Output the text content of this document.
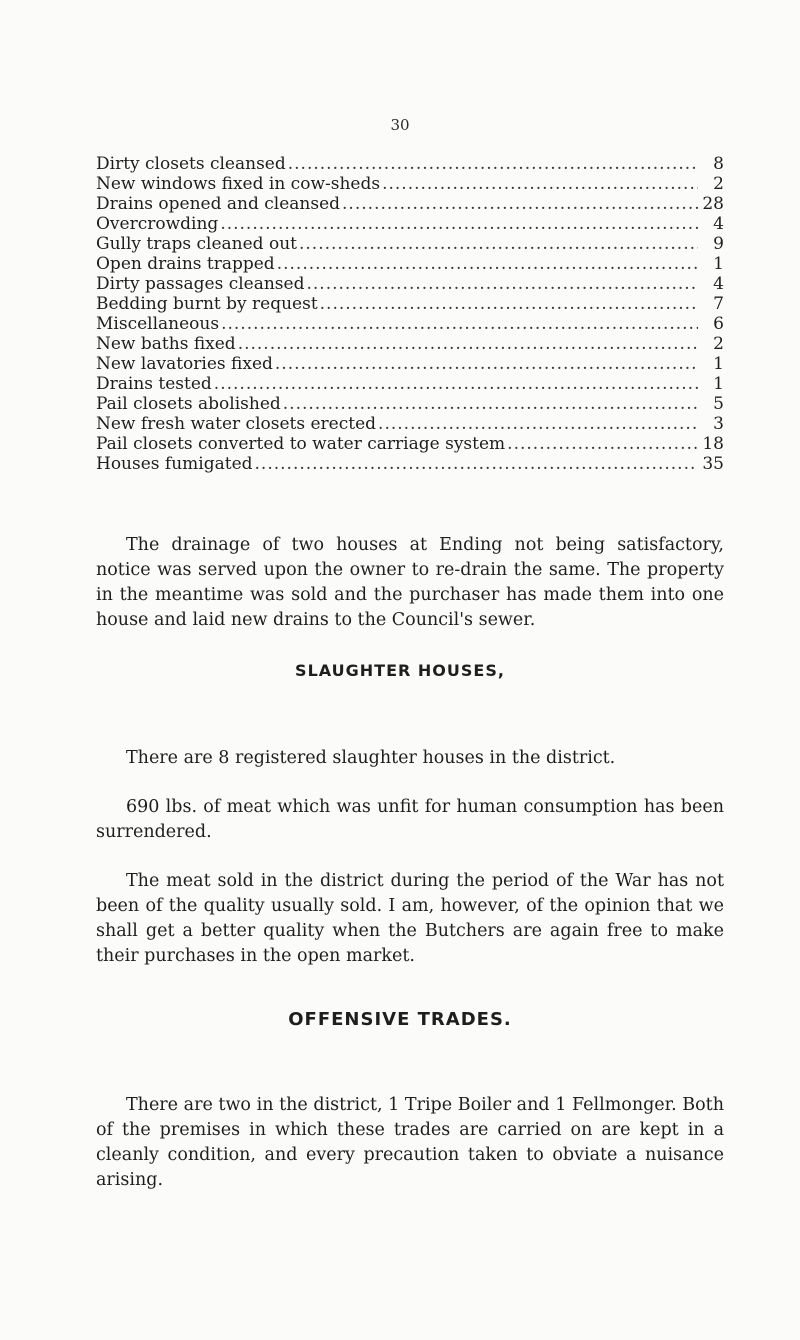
30
Dirty closets cleansed .....	8
New windows fixed in cow-sheds .....	2
Drains opened and cleansed .....	28
Overcrowding .....	4
Gully traps cleaned out .....	9
Open drains trapped .....	1
Dirty passages cleansed .....	4
Bedding burnt by request .....	7
Miscellaneous .....	6
New baths fixed .....	2
New lavatories fixed .....	1
Drains tested .....	1
Pail closets abolished .....	5
New fresh water closets erected .....	3
Pail closets converted to water carriage system .....	18
Houses fumigated .....	35

The drainage of two houses at Ending not being satisfactory, notice was served upon the owner to re-drain the same. The property in the meantime was sold and the purchaser has made them into one house and laid new drains to the Council's sewer.

SLAUGHTER HOUSES,

There are 8 registered slaughter houses in the district.

690 lbs. of meat which was unfit for human consumption has been surrendered.

The meat sold in the district during the period of the War has not been of the quality usually sold. I am, however, of the opinion that we shall get a better quality when the Butchers are again free to make their purchases in the open market.

OFFENSIVE TRADES.

There are two in the district, 1 Tripe Boiler and 1 Fellmonger. Both of the premises in which these trades are carried on are kept in a cleanly condition, and every precaution taken to obviate a nuisance arising.
